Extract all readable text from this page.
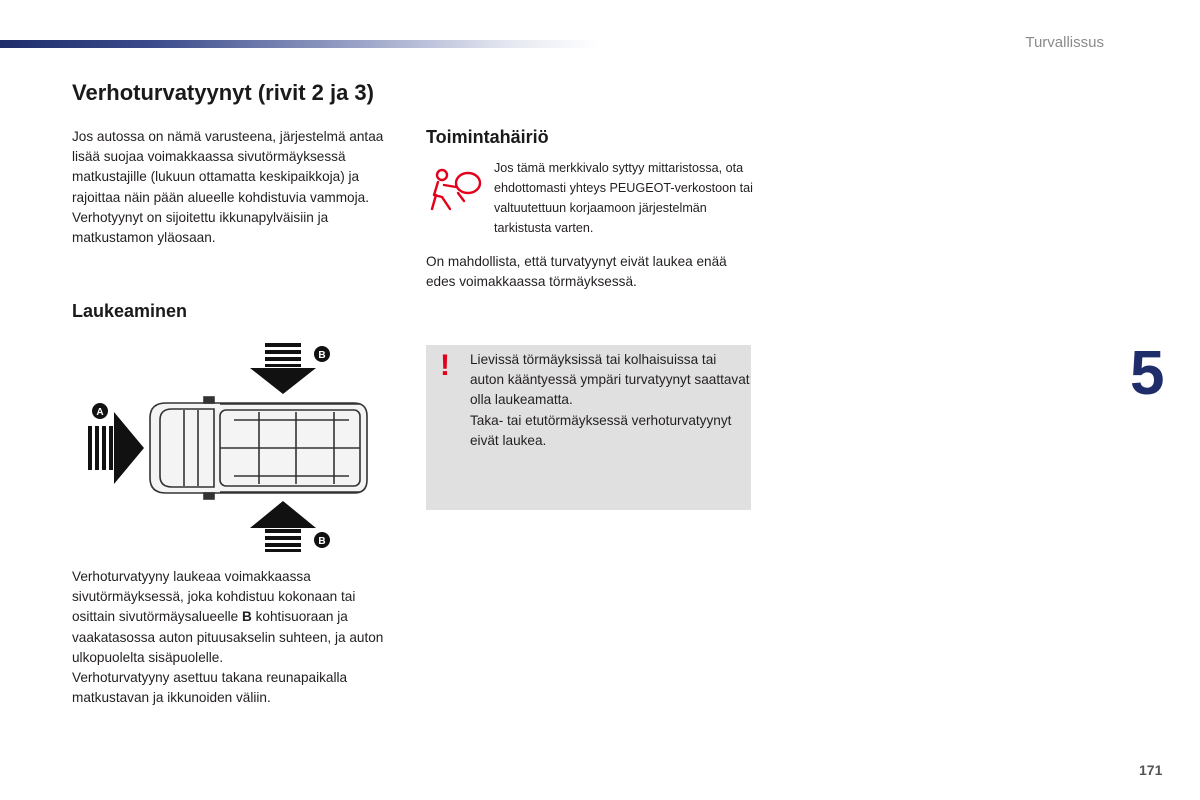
Turvallissus
5
171
Verhoturvatyynyt (rivit 2 ja 3)

Jos autossa on nämä varusteena, järjestelmä antaa lisää suojaa voimakkaassa sivutörmäyksessä matkustajille (lukuun ottamatta keskipaikkoja) ja rajoittaa näin pään alueelle kohdistuvia vammoja.

Verhotyynyt on sijoitettu ikkunapylväisiin ja matkustamon yläosaan.

Laukeaminen
B
A
B

Verhoturvatyyny laukeaa voimakkaassa sivutörmäyksessä, joka kohdistuu kokonaan tai osittain sivutörmäysalueelle B kohtisuoraan ja vaakatasossa auton pituusakselin suhteen, ja auton ulkopuolelta sisäpuolelle.

Verhoturvatyyny asettuu takana reunapaikalla matkustavan ja ikkunoiden väliin.

Toimintahäiriö
Jos tämä merkkivalo syttyy mittaristossa, ota ehdottomasti yhteys PEUGEOT-verkostoon tai valtuutettuun korjaamoon järjestelmän tarkistusta varten.
On mahdollista, että turvatyynyt eivät laukea enää edes voimakkaassa törmäyksessä.
! Lievissä törmäyksissä tai kolhaisuissa tai auton kääntyessä ympäri turvatyynyt saattavat olla laukeamatta.

Taka- tai etutörmäyksessä verhoturvatyynyt eivät laukea.
